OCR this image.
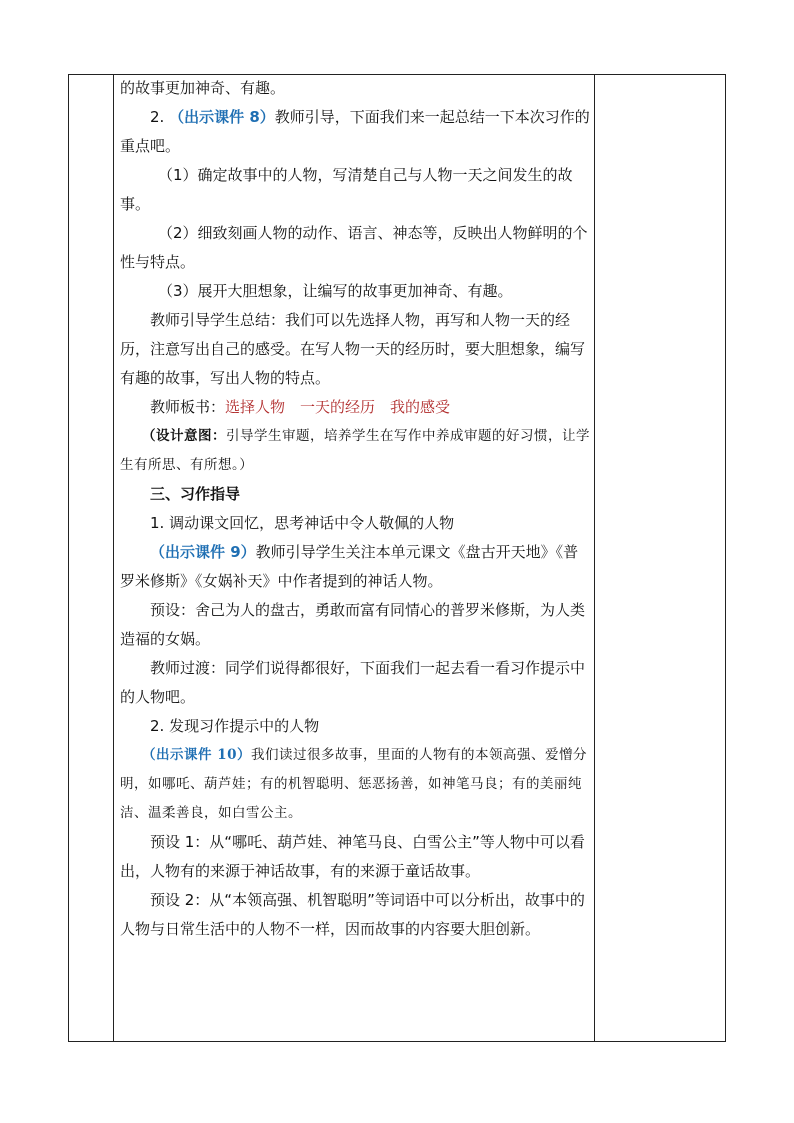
的故事更加神奇、有趣。

2. （出示课件 8）教师引导，下面我们来一起总结一下本次习作的重点吧。

（1）确定故事中的人物，写清楚自己与人物一天之间发生的故事。

（2）细致刻画人物的动作、语言、神态等，反映出人物鲜明的个性与特点。

（3）展开大胆想象，让编写的故事更加神奇、有趣。

教师引导学生总结：我们可以先选择人物，再写和人物一天的经历，注意写出自己的感受。在写人物一天的经历时，要大胆想象，编写有趣的故事，写出人物的特点。

教师板书：选择人物　一天的经历　我的感受

（设计意图：引导学生审题，培养学生在写作中养成审题的好习惯，让学生有所思、有所想。）

三、习作指导

1. 调动课文回忆，思考神话中令人敬佩的人物

（出示课件 9）教师引导学生关注本单元课文《盘古开天地》《普罗米修斯》《女娲补天》中作者提到的神话人物。

预设：舍己为人的盘古，勇敢而富有同情心的普罗米修斯，为人类造福的女娲。

教师过渡：同学们说得都很好，下面我们一起去看一看习作提示中的人物吧。

2. 发现习作提示中的人物

（出示课件 10）我们读过很多故事，里面的人物有的本领高强、爱憎分明，如哪吒、葫芦娃；有的机智聪明、惩恶扬善，如神笔马良；有的美丽纯洁、温柔善良，如白雪公主。

预设 1：从“哪吒、葫芦娃、神笔马良、白雪公主”等人物中可以看出，人物有的来源于神话故事，有的来源于童话故事。

预设 2：从“本领高强、机智聪明”等词语中可以分析出，故事中的人物与日常生活中的人物不一样，因而故事的内容要大胆创新。
